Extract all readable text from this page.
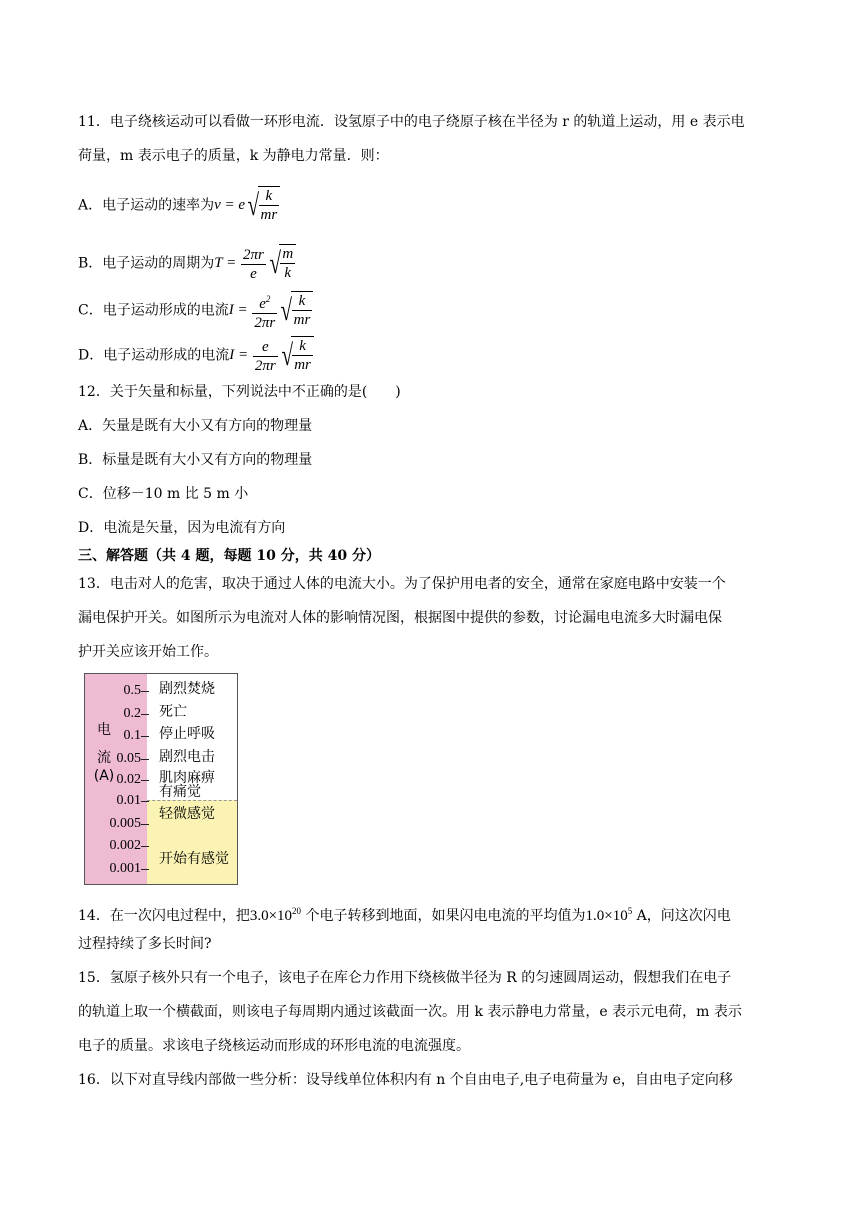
11．电子绕核运动可以看做一环形电流．设氢原子中的电子绕原子核在半径为 r 的轨道上运动，用 e 表示电
荷量，m 表示电子的质量，k 为静电力常量．则：
A．电子运动的速率为v = e √ $\frac{k}{mr}$
B．电子运动的周期为$T = \frac{2\pi r}{e}$ √ $\frac{m}{k}$
C．电子运动形成的电流$I = \frac{e^2}{2\pi r}$ √ $\frac{k}{mr}$
D．电子运动形成的电流$I = \frac{e}{2\pi r}$ √ $\frac{k}{mr}$
12．关于矢量和标量，下列说法中不正确的是(　　)
A．矢量是既有大小又有方向的物理量
B．标量是既有大小又有方向的物理量
C．位移－10 m 比 5 m 小
D．电流是矢量，因为电流有方向
三、解答题（共 4 题，每题 10 分，共 40 分）
13．电击对人的危害，取决于通过人体的电流大小。为了保护用电者的安全，通常在家庭电路中安装一个
漏电保护开关。如图所示为电流对人体的影响情况图，根据图中提供的参数，讨论漏电电流多大时漏电保
护开关应该开始工作。
电
流
(A)
0.5
0.2
0.1
0.05
0.02
0.01
0.005
0.002
0.001
剧烈焚烧
死亡
停止呼吸
剧烈电击
肌肉麻痹
有痛觉
轻微感觉
开始有感觉
14．在一次闪电过程中，把$3.0\times 10^{20}$ 个电子转移到地面，如果闪电电流的平均值为$1.0\times 10^5$ A，问这次闪电
过程持续了多长时间?
15．氢原子核外只有一个电子，该电子在库仑力作用下绕核做半径为 R 的匀速圆周运动，假想我们在电子
的轨道上取一个横截面，则该电子每周期内通过该截面一次。用 k 表示静电力常量，e 表示元电荷，m 表示
电子的质量。求该电子绕核运动而形成的环形电流的电流强度。
16．以下对直导线内部做一些分析：设导线单位体积内有 n 个自由电子,电子电荷量为 e，自由电子定向移
